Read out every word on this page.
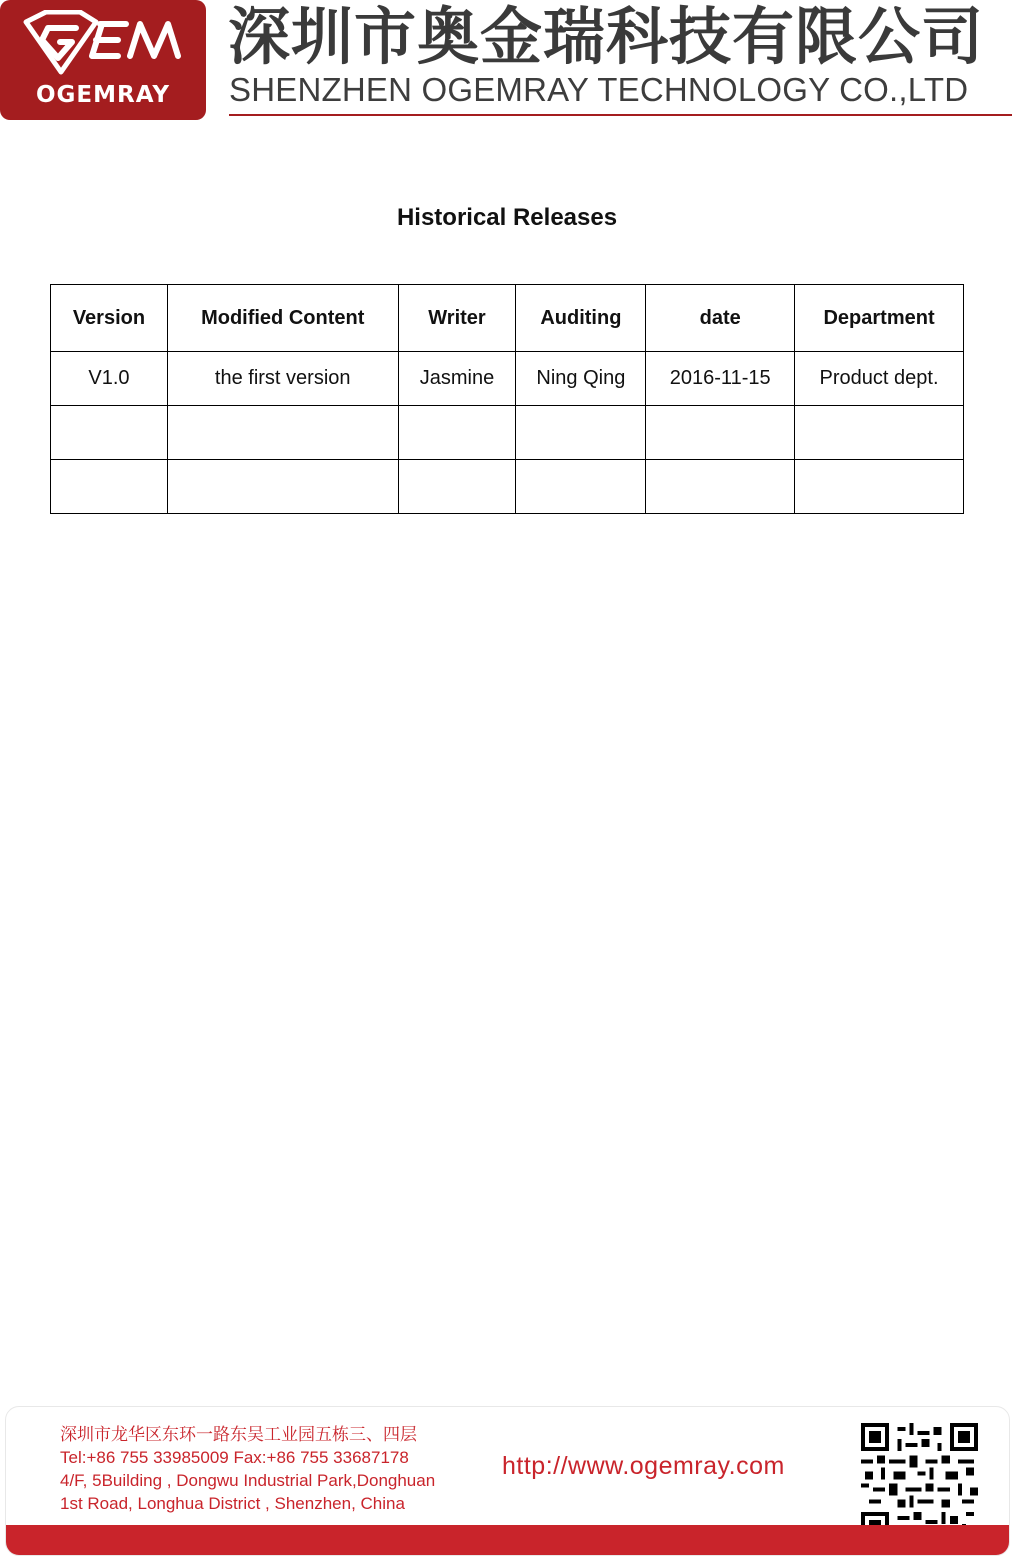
OGEMRAY
深圳市奥金瑞科技有限公司
SHENZHEN OGEMRAY TECHNOLOGY CO.,LTD
Historical Releases
Version	Modified Content	Writer	Auditing	date	Department
V1.0	the first version	Jasmine	Ning Qing	2016-11-15	Product dept.

深圳市龙华区东环一路东吴工业园五栋三、四层
Tel:+86 755 33985009 Fax:+86 755 33687178
4/F, 5Building , Dongwu Industrial Park,Donghuan
1st Road, Longhua District , Shenzhen, China
http://www.ogemray.com
